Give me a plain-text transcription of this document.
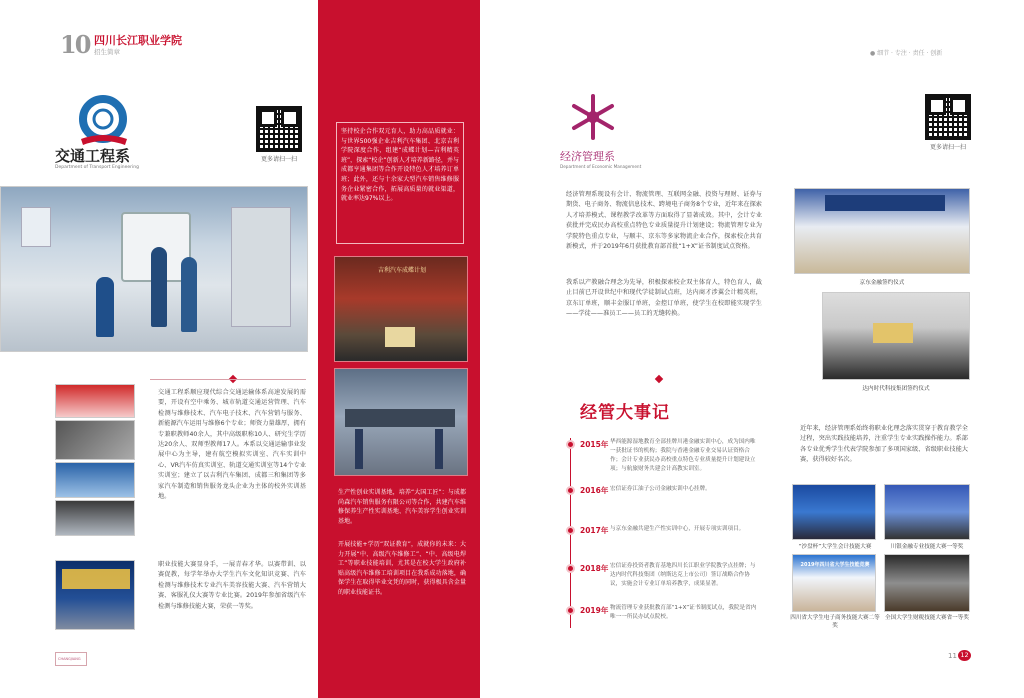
10 四川长江职业学院
招生简章
交通工程系
Department of Transport Engineering
更多请扫一扫
交通工程系顺应现代综合交通运输体系高速发展的需要，开设有空中乘务、城市轨道交通运营管理、汽车检测与维修技术、汽车电子技术、汽车营销与服务、新能源汽车运用与维修6个专业；师资力量雄厚，拥有专兼职教师40余人，其中高级职称10人、研究生学历达20余人、双师型教师17人。本系以交通运输事业发展中心为主导，建有航空模拟实训室、汽车实训中心、VR汽车仿真实训室、轨道交通实训室等14个专业实训室；建立了以吉利汽车集团、成都三和集团等多家汽车制造和销售服务龙头企业为主体的校外实训基地。
职业技能大赛显身手，一展青春才华。以赛带训、以赛促教，每学年举办大学生汽车文化知识竞赛、汽车检测与维修技术专业汽车美容技能大赛、汽车营销大赛、客服礼仪大赛等专业比赛。2019年参加省级汽车检测与维修技能大赛，荣获一等奖。
CHANGJIANG
坚持校企合作双元育人，助力高品质就业：与世界500强企业吉利汽车集团、北京吉利学院深度合作，组建“成蝶计划—吉利精英班”，探索“校企”创新人才培养新路径，并与成都亨通集团等合作开设特色人才培养订单班；此外，还与十余家大型汽车销售维修服务企业紧密合作，拓展高质量的就业渠道，就业率达97%以上。
吉利汽车成蝶计划
生产性创业实训基地，培养“大国工匠”：与成都尚森汽车销售服务有限公司等合作，共建汽车维修保养生产性实训基地、汽车美容学生创业实训基地。
开展技能+学历“双证教育”，成就你的未来：大力开展“中、高级汽车维修工”、“中、高级电焊工”等职业技能培训，尤其是在校大学生政府补贴高级汽车维修工培训项目在我系成功落地，确保学生在取得毕业文凭的同时，获得极具含金量的职业技能证书。
● 细节 · 专注 · 责任 · 创新
经济管理系
Department of Economic Management
更多请扫一扫
经济管理系现设有会计、物流管理、互联网金融、投资与理财、证券与期货、电子商务、物流信息技术、跨境电子商务8个专业，近年来在探索人才培养模式、课程教学改革等方面取得了显著成效。其中，会计专业获批并完成民办高校重点特色专业质量提升计划建设；物流管理专业为学院特色重点专业，与顺丰、京东等多家物流企业合作，探索校企共育新模式，并于2019年6月获批教育部首批“1+X”证书制度试点资格。
我系以产教融合理念为先导，积极探索校企双主体育人，特色育人，截止目前已开设世纪中和现代学徒制试点班，达内商才涉翼会计精英班，京东订单班，顺丰金服订单班，金控订单班，使学生在校即能实现学生——学徒——准员工——员工的无缝转换。
京东金融签约仪式
达内时代科技集团签约仪式
经管大事记
2015年 华西能源湿地教育全部挂牌川港金融实训中心，成为国内唯一获批证书的机构；我院与香港金融专业交易认证资格合作；会计专业获民办高校重点特色专业质量提升计划建设立项；与航旅财务共建会计高教实训室。
2016年 宏信证券江油子公司金融实训中心挂牌。
2017年 与京东金融共建生产性实训中心，开展专项实训项目。
2018年 宏信证券投资者教育基地四川长江职业学院教学点挂牌；与达内时代科技集团（纳斯达克上市公司）签订战略合作协议，实施会计专业订单培养教学，成果显著。
2019年 物流管理专业获批教育部“1+X”证书制度试点，我院是省内唯一一所民办试点院校。
近年来，经济管理系始终将职业化理念落实贯穿于教育教学全过程，突出实践技能培养，注重学生专业实践操作能力。系部各专业优秀学生代表学院参加了多项国家级、省级职业技能大赛，获得较好名次。
“沙盘杯”大学生会计技能大赛	川银金融专业技能大赛一等奖
2019年四川省大学生技能竞赛
四川省大学生电子商务技能大赛二等奖
全国大学生财税技能大赛省一等奖
11 12
